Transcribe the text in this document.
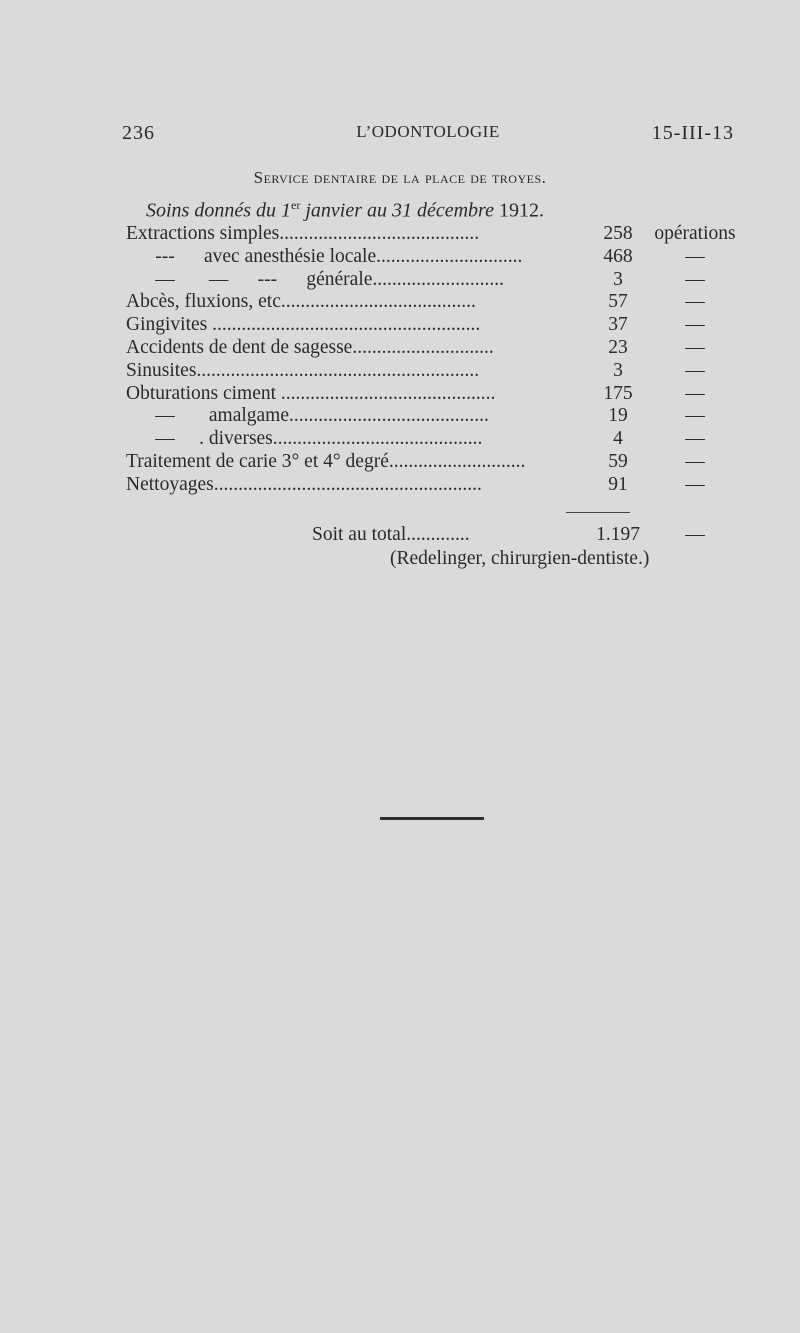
236	L’ODONTOLOGIE	15-III-13
Service dentaire de la place de troyes.
Soins donnés du 1er janvier au 31 décembre 1912.
Extractions simples.........................................	258	opérations
---      avec anesthésie locale..............................	468	—
—       —      ---      générale...........................	3	—
Abcès, fluxions, etc........................................	57	—
Gingivites .......................................................	37	—
Accidents de dent de sagesse.............................	23	—
Sinusites..........................................................	3	—
Obturations ciment ............................................	175	—
—       amalgame.........................................	19	—
—     . diverses...........................................	4	—
Traitement de carie 3° et 4° degré............................	59	—
Nettoyages.......................................................	91	—
Soit au total.............	1.197	—
(Redelinger, chirurgien-dentiste.)
